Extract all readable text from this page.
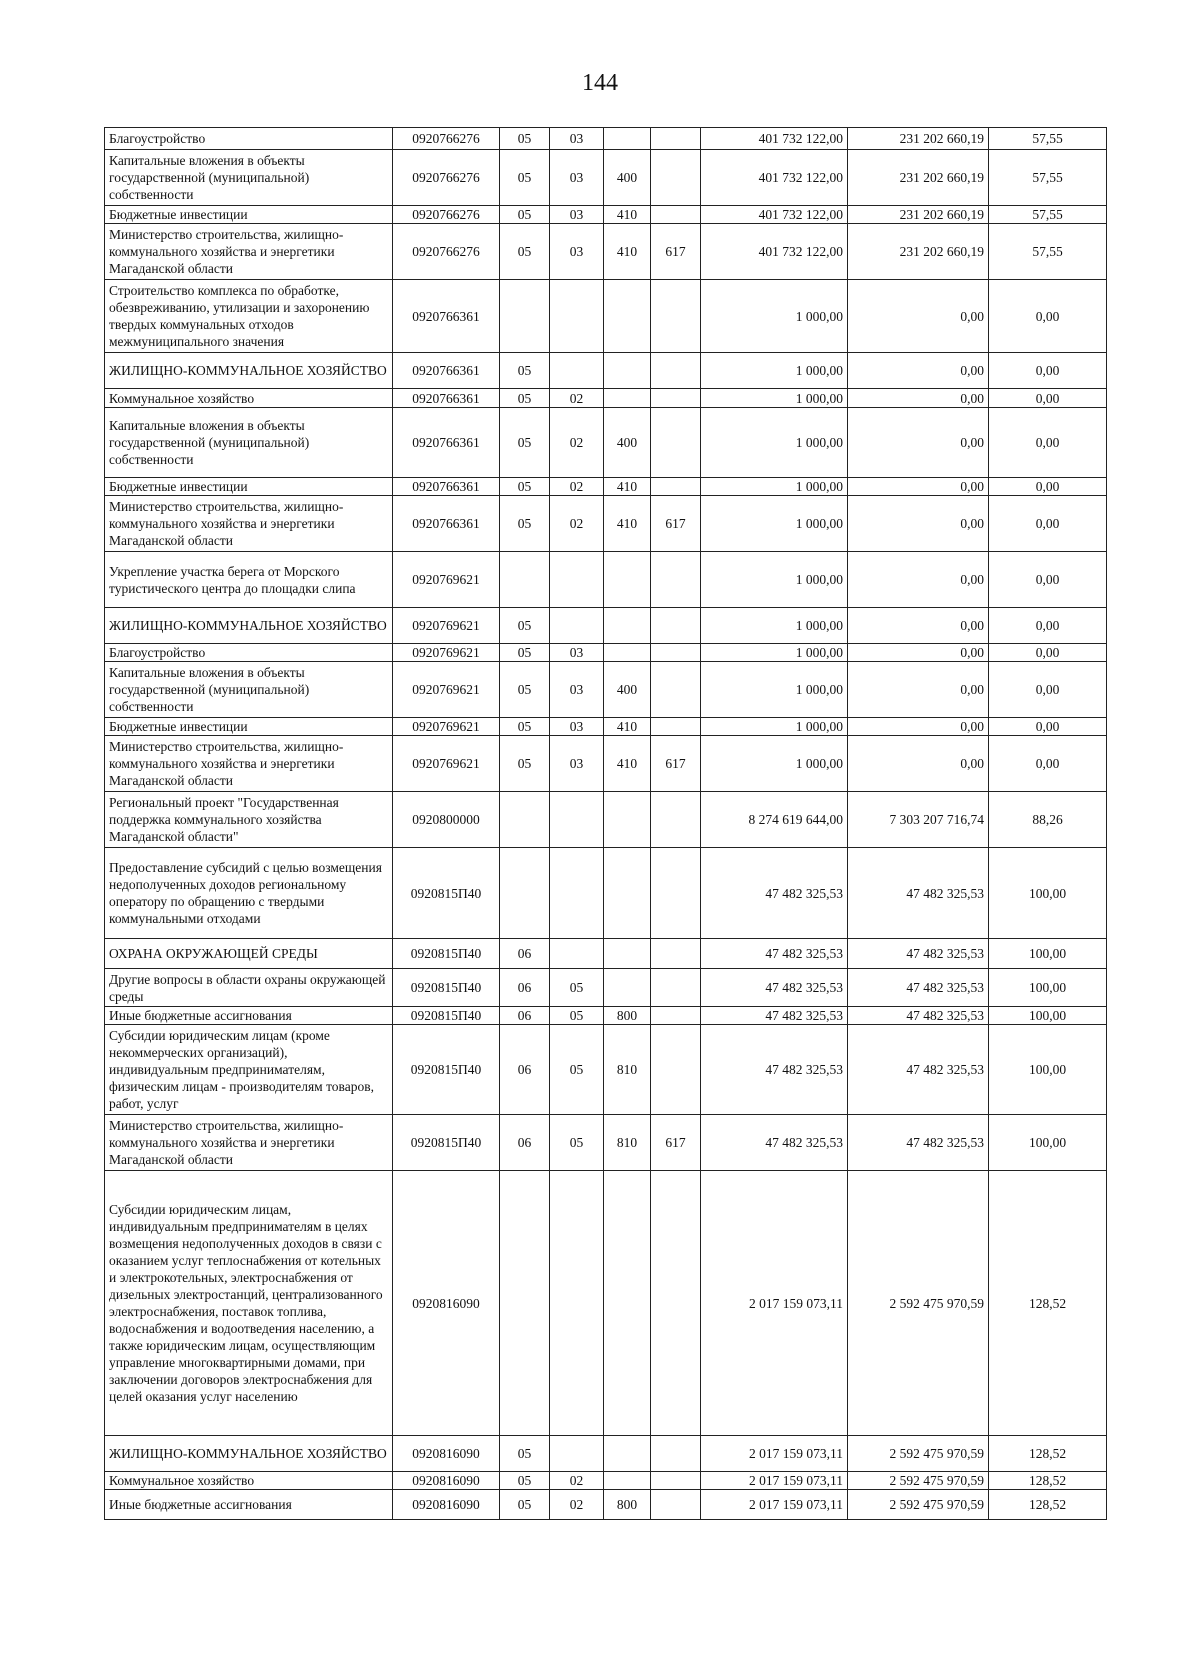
144
Благоустройство	0920766276	05	03			401 732 122,00	231 202 660,19	57,55
Капитальные вложения в объекты государственной (муниципальной) собственности	0920766276	05	03	400		401 732 122,00	231 202 660,19	57,55
Бюджетные инвестиции	0920766276	05	03	410		401 732 122,00	231 202 660,19	57,55
Министерство строительства, жилищно-коммунального хозяйства и энергетики Магаданской области	0920766276	05	03	410	617	401 732 122,00	231 202 660,19	57,55
Строительство комплекса по обработке, обезвреживанию, утилизации и захоронению твердых коммунальных отходов межмуниципального значения	0920766361					1 000,00	0,00	0,00
ЖИЛИЩНО-КОММУНАЛЬНОЕ ХОЗЯЙСТВО	0920766361	05				1 000,00	0,00	0,00
Коммунальное хозяйство	0920766361	05	02			1 000,00	0,00	0,00
Капитальные вложения в объекты государственной (муниципальной) собственности	0920766361	05	02	400		1 000,00	0,00	0,00
Бюджетные инвестиции	0920766361	05	02	410		1 000,00	0,00	0,00
Министерство строительства, жилищно-коммунального хозяйства и энергетики Магаданской области	0920766361	05	02	410	617	1 000,00	0,00	0,00
Укрепление участка берега от Морского туристического центра до площадки слипа	0920769621					1 000,00	0,00	0,00
ЖИЛИЩНО-КОММУНАЛЬНОЕ ХОЗЯЙСТВО	0920769621	05				1 000,00	0,00	0,00
Благоустройство	0920769621	05	03			1 000,00	0,00	0,00
Капитальные вложения в объекты государственной (муниципальной) собственности	0920769621	05	03	400		1 000,00	0,00	0,00
Бюджетные инвестиции	0920769621	05	03	410		1 000,00	0,00	0,00
Министерство строительства, жилищно-коммунального хозяйства и энергетики Магаданской области	0920769621	05	03	410	617	1 000,00	0,00	0,00
Региональный проект "Государственная поддержка коммунального хозяйства Магаданской области"	0920800000					8 274 619 644,00	7 303 207 716,74	88,26
Предоставление субсидий с целью возмещения недополученных доходов региональному оператору по обращению с твердыми коммунальными отходами	0920815П40					47 482 325,53	47 482 325,53	100,00
ОХРАНА ОКРУЖАЮЩЕЙ СРЕДЫ	0920815П40	06				47 482 325,53	47 482 325,53	100,00
Другие вопросы в области охраны окружающей среды	0920815П40	06	05			47 482 325,53	47 482 325,53	100,00
Иные бюджетные ассигнования	0920815П40	06	05	800		47 482 325,53	47 482 325,53	100,00
Субсидии юридическим лицам (кроме некоммерческих организаций), индивидуальным предпринимателям, физическим лицам - производителям товаров, работ, услуг	0920815П40	06	05	810		47 482 325,53	47 482 325,53	100,00
Министерство строительства, жилищно-коммунального хозяйства и энергетики Магаданской области	0920815П40	06	05	810	617	47 482 325,53	47 482 325,53	100,00
Субсидии юридическим лицам, индивидуальным предпринимателям в целях возмещения недополученных доходов в связи с оказанием услуг теплоснабжения от котельных и электрокотельных, электроснабжения от дизельных электростанций, централизованного электроснабжения, поставок топлива, водоснабжения и водоотведения населению, а также юридическим лицам, осуществляющим управление многоквартирными домами, при заключении договоров электроснабжения для целей оказания услуг населению	0920816090					2 017 159 073,11	2 592 475 970,59	128,52
ЖИЛИЩНО-КОММУНАЛЬНОЕ ХОЗЯЙСТВО	0920816090	05				2 017 159 073,11	2 592 475 970,59	128,52
Коммунальное хозяйство	0920816090	05	02			2 017 159 073,11	2 592 475 970,59	128,52
Иные бюджетные ассигнования	0920816090	05	02	800		2 017 159 073,11	2 592 475 970,59	128,52
